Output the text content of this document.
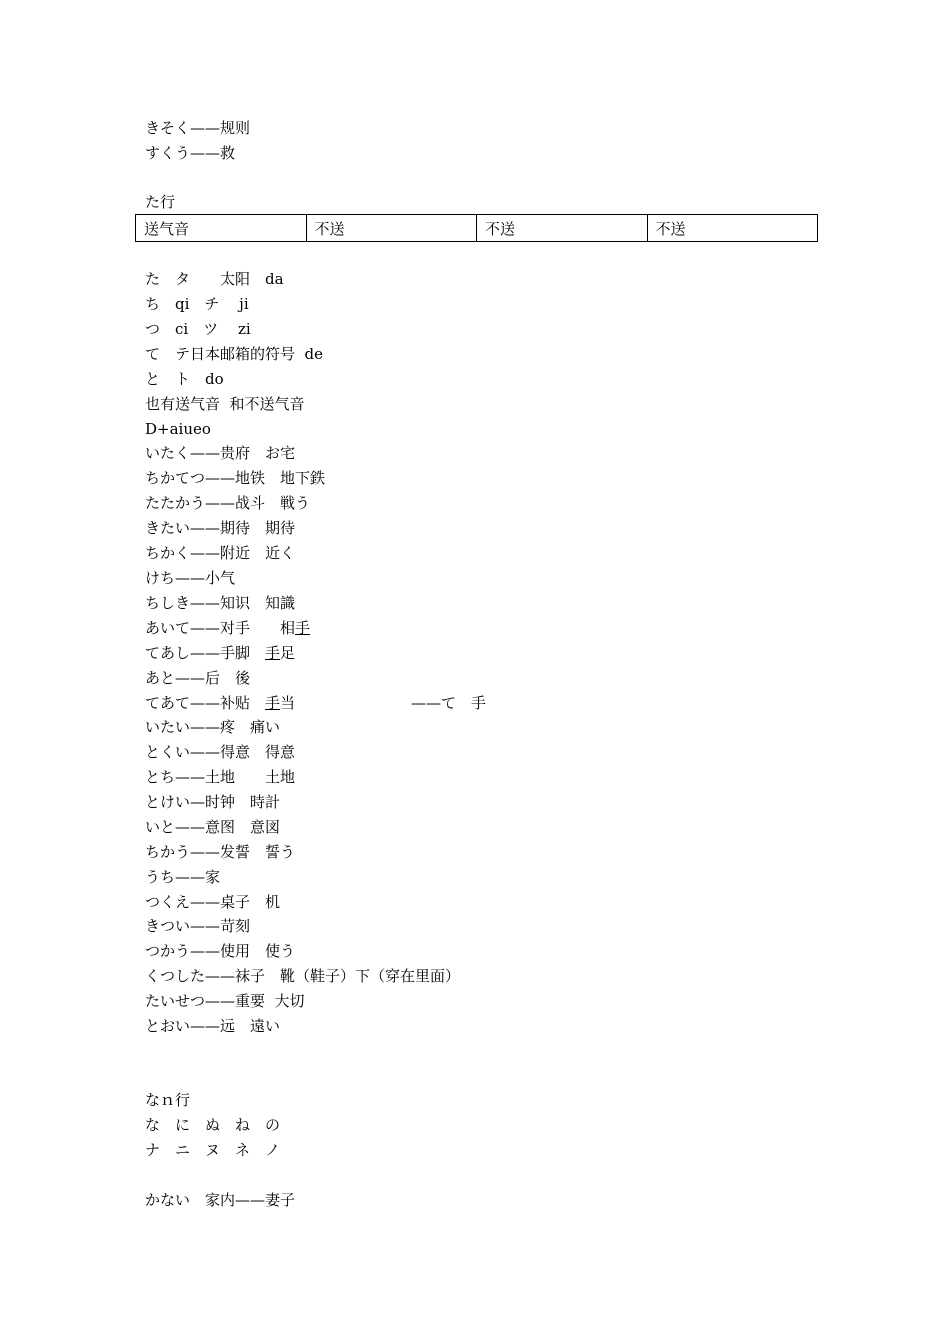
きそく——规则

すくう——救

た行

送气音	不送	不送	不送

た　タ　　太阳　da

ち　qi　チ　 ji

つ　ci　ツ　 zi

て　テ日本邮箱的符号  de

と　ト　do

也有送气音  和不送气音

D+aiueo

いたく——贵府　お宅

ちかてつ——地铁　地下鉄

たたかう——战斗　戦う

きたい——期待　期待

ちかく——附近　近く

けち——小气

ちしき——知识　知識

あいて——对手　　相手

てあし——手脚　手足

あと——后　後

てあて——补贴　手当	——て　手

いたい——疼　痛い

とくい——得意　得意

とち——土地　　土地

とけい—时钟　時計

いと——意图　意図

ちかう——发誓　誓う

うち——家

つくえ——桌子　机

きつい——苛刻

つかう——使用　使う

くつした——袜子　靴（鞋子）下（穿在里面）

たいせつ——重要  大切

とおい——远　遠い

なｎ行

な　に　ぬ　ね　の

ナ　ニ　ヌ　ネ　ノ

かない　家内——妻子
